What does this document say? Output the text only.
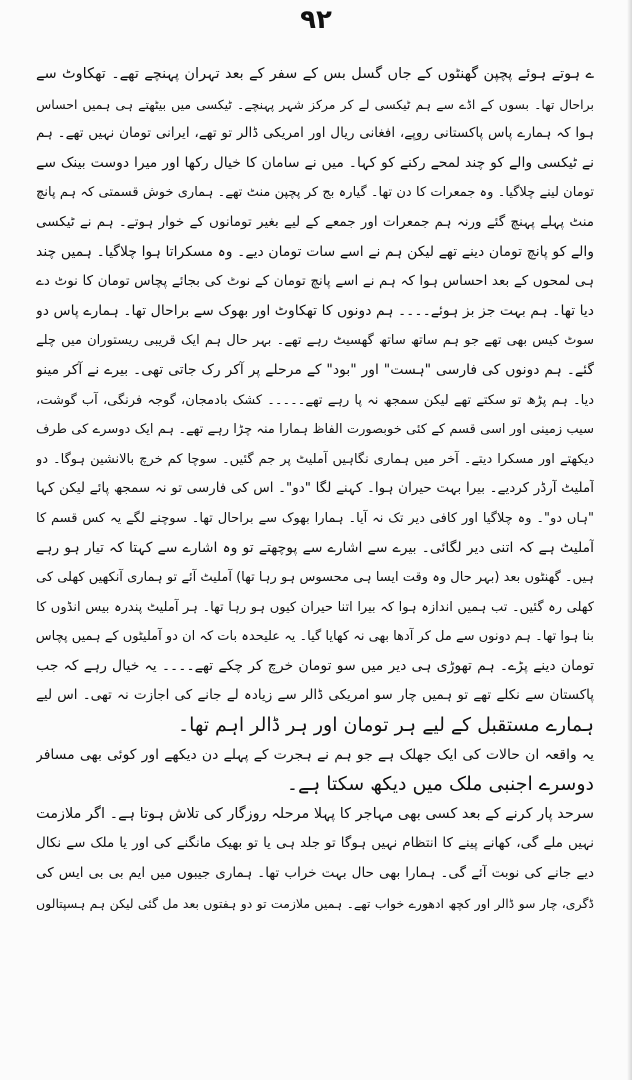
٩٢
ے ہوتے ہوئے پچپن گھنٹوں کے جاں گسل بس کے سفر کے بعد تہران پہنچے تھے۔ تھکاوٹ سے
براحال تھا۔ بسوں کے اڈے سے ہم ٹیکسی لے کر مرکز شہر پہنچے۔ ٹیکسی میں بیٹھتے ہی ہمیں احساس
ہوا کہ ہمارے پاس پاکستانی روپے، افغانی ریال اور امریکی ڈالر تو تھے، ایرانی تومان نہیں تھے۔ ہم
نے ٹیکسی والے کو چند لمحے رکنے کو کہا۔ میں نے سامان کا خیال رکھا اور میرا دوست بینک سے
تومان لینے چلاگیا۔ وہ جمعرات کا دن تھا۔ گیارہ بج کر پچپن منٹ تھے۔ ہماری خوش قسمتی کہ ہم پانچ
منٹ پہلے پہنچ گئے ورنہ ہم جمعرات اور جمعے کے لیے بغیر تومانوں کے خوار ہوتے۔ ہم نے ٹیکسی
والے کو پانچ تومان دینے تھے لیکن ہم نے اسے سات تومان دیے۔ وہ مسکراتا ہوا چلاگیا۔ ہمیں چند
ہی لمحوں کے بعد احساس ہوا کہ ہم نے اسے پانچ تومان کے نوٹ کی بجائے پچاس تومان کا نوٹ دے
دیا تھا۔ ہم بہت جز بز ہوئے۔۔۔۔ ہم دونوں کا تھکاوٹ اور بھوک سے براحال تھا۔ ہمارے پاس دو
سوٹ کیس بھی تھے جو ہم ساتھ ساتھ گھسیٹ رہے تھے۔ بہر حال ہم ایک قریبی ریستوران میں چلے
گئے۔ ہم دونوں کی فارسی "ہست" اور "بود" کے مرحلے پر آکر رک جاتی تھی۔ بیرے نے آکر مینو
دیا۔ ہم پڑھ تو سکتے تھے لیکن سمجھ نہ پا رہے تھے۔۔۔۔۔ کشک بادمجان، گوجہ فرنگی، آب گوشت،
سیب زمینی اور اسی قسم کے کئی خوبصورت الفاظ ہمارا منہ چڑا رہے تھے۔ ہم ایک دوسرے کی طرف
دیکھتے اور مسکرا دیتے۔ آخر میں ہماری نگاہیں آملیٹ پر جم گئیں۔ سوچا کم خرچ بالانشین ہوگا۔ دو
آملیٹ آرڈر کردیے۔ بیرا بہت حیران ہوا۔ کہنے لگا "دو"۔ اس کی فارسی تو نہ سمجھ پائے لیکن کہا
"ہاں دو"۔ وہ چلاگیا اور کافی دیر تک نہ آیا۔ ہمارا بھوک سے براحال تھا۔ سوچنے لگے یہ کس قسم کا
آملیٹ ہے کہ اتنی دیر لگائی۔ بیرے سے اشارے سے پوچھتے تو وہ اشارے سے کہتا کہ تیار ہو رہے
ہیں۔ گھنٹوں بعد (بہر حال وہ وقت ایسا ہی محسوس ہو رہا تھا) آملیٹ آئے تو ہماری آنکھیں کھلی کی
کھلی رہ گئیں۔ تب ہمیں اندازہ ہوا کہ بیرا اتنا حیران کیوں ہو رہا تھا۔ ہر آملیٹ پندرہ بیس انڈوں کا
بنا ہوا تھا۔ ہم دونوں سے مل کر آدھا بھی نہ کھایا گیا۔ یہ علیحدہ بات کہ ان دو آملیٹوں کے ہمیں پچاس
تومان دینے پڑے۔ ہم تھوڑی ہی دیر میں سو تومان خرچ کر چکے تھے۔۔۔۔ یہ خیال رہے کہ جب
پاکستان سے نکلے تھے تو ہمیں چار سو امریکی ڈالر سے زیادہ لے جانے کی اجازت نہ تھی۔ اس لیے
ہمارے مستقبل کے لیے ہر تومان اور ہر ڈالر اہم تھا۔
یہ واقعہ ان حالات کی ایک جھلک ہے جو ہم نے ہجرت کے پہلے دن دیکھے اور کوئی بھی مسافر
دوسرے اجنبی ملک میں دیکھ سکتا ہے۔
سرحد پار کرنے کے بعد کسی بھی مہاجر کا پہلا مرحلہ روزگار کی تلاش ہوتا ہے۔ اگر ملازمت
نہیں ملے گی، کھانے پینے کا انتظام نہیں ہوگا تو جلد ہی یا تو بھیک مانگنے کی اور یا ملک سے نکال
دیے جانے کی نوبت آئے گی۔ ہمارا بھی حال بہت خراب تھا۔ ہماری جیبوں میں ایم بی بی ایس کی
ڈگری، چار سو ڈالر اور کچھ ادھورے خواب تھے۔ ہمیں ملازمت تو دو ہفتوں بعد مل گئی لیکن ہم ہسپتالوں
